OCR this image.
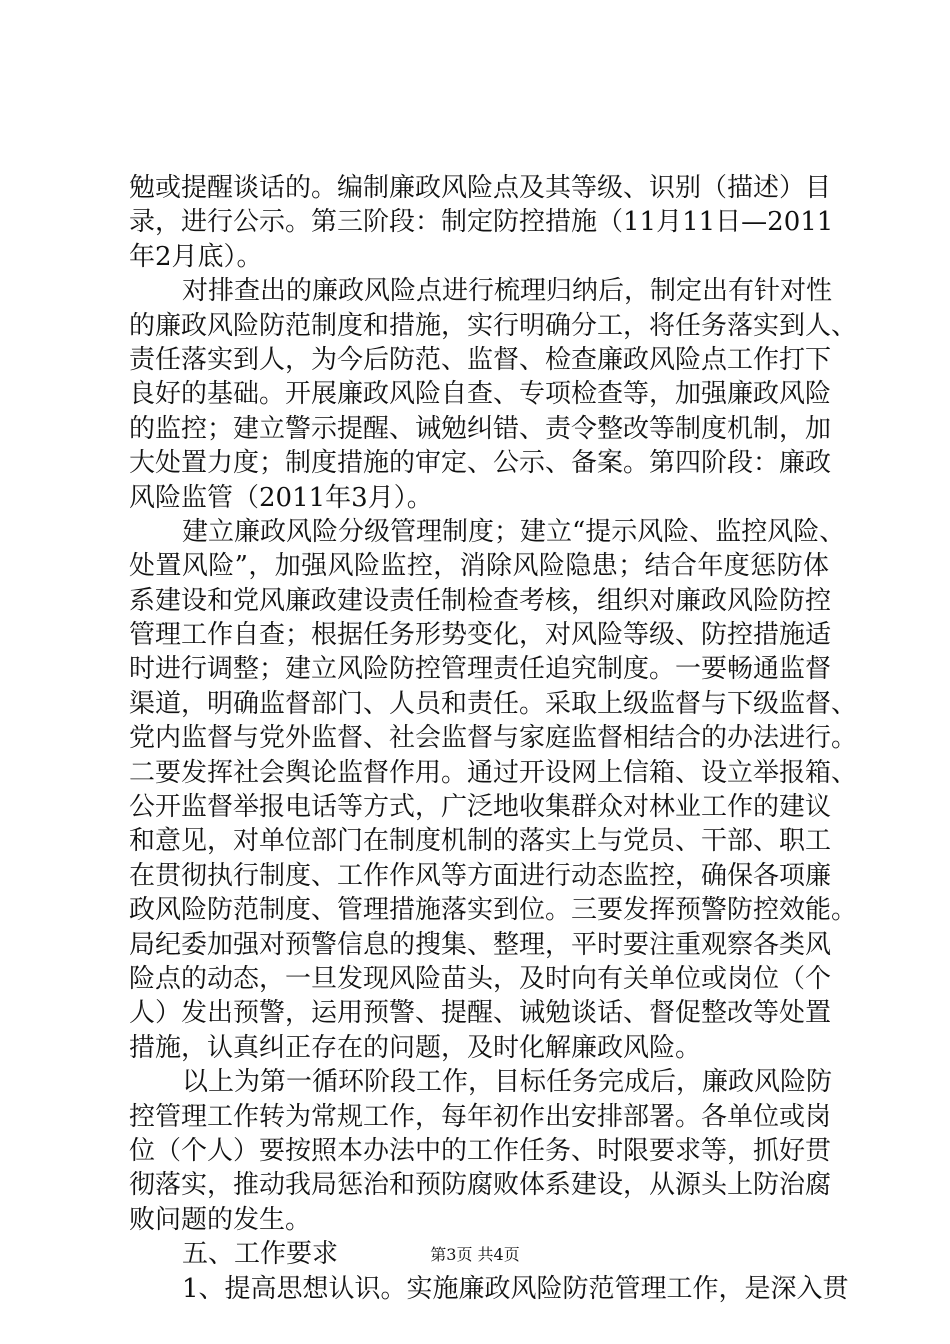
勉或提醒谈话的。编制廉政风险点及其等级、识别（描述）目
录，进行公示。第三阶段：制定防控措施（11月11日—2011
年2月底）。
对排查出的廉政风险点进行梳理归纳后，制定出有针对性
的廉政风险防范制度和措施，实行明确分工，将任务落实到人、
责任落实到人，为今后防范、监督、检查廉政风险点工作打下
良好的基础。开展廉政风险自查、专项检查等，加强廉政风险
的监控；建立警示提醒、诫勉纠错、责令整改等制度机制，加
大处置力度；制度措施的审定、公示、备案。第四阶段：廉政
风险监管（2011年3月）。
建立廉政风险分级管理制度；建立“提示风险、监控风险、
处置风险”，加强风险监控，消除风险隐患；结合年度惩防体
系建设和党风廉政建设责任制检查考核，组织对廉政风险防控
管理工作自查；根据任务形势变化，对风险等级、防控措施适
时进行调整；建立风险防控管理责任追究制度。一要畅通监督
渠道，明确监督部门、人员和责任。采取上级监督与下级监督、
党内监督与党外监督、社会监督与家庭监督相结合的办法进行。
二要发挥社会舆论监督作用。通过开设网上信箱、设立举报箱、
公开监督举报电话等方式，广泛地收集群众对林业工作的建议
和意见，对单位部门在制度机制的落实上与党员、干部、职工
在贯彻执行制度、工作作风等方面进行动态监控，确保各项廉
政风险防范制度、管理措施落实到位。三要发挥预警防控效能。
局纪委加强对预警信息的搜集、整理，平时要注重观察各类风
险点的动态，一旦发现风险苗头，及时向有关单位或岗位（个
人）发出预警，运用预警、提醒、诫勉谈话、督促整改等处置
措施，认真纠正存在的问题，及时化解廉政风险。
以上为第一循环阶段工作，目标任务完成后，廉政风险防
控管理工作转为常规工作，每年初作出安排部署。各单位或岗
位（个人）要按照本办法中的工作任务、时限要求等，抓好贯
彻落实，推动我局惩治和预防腐败体系建设，从源头上防治腐
败问题的发生。
五、工作要求
1、提高思想认识。实施廉政风险防范管理工作，是深入贯
第3页 共4页
